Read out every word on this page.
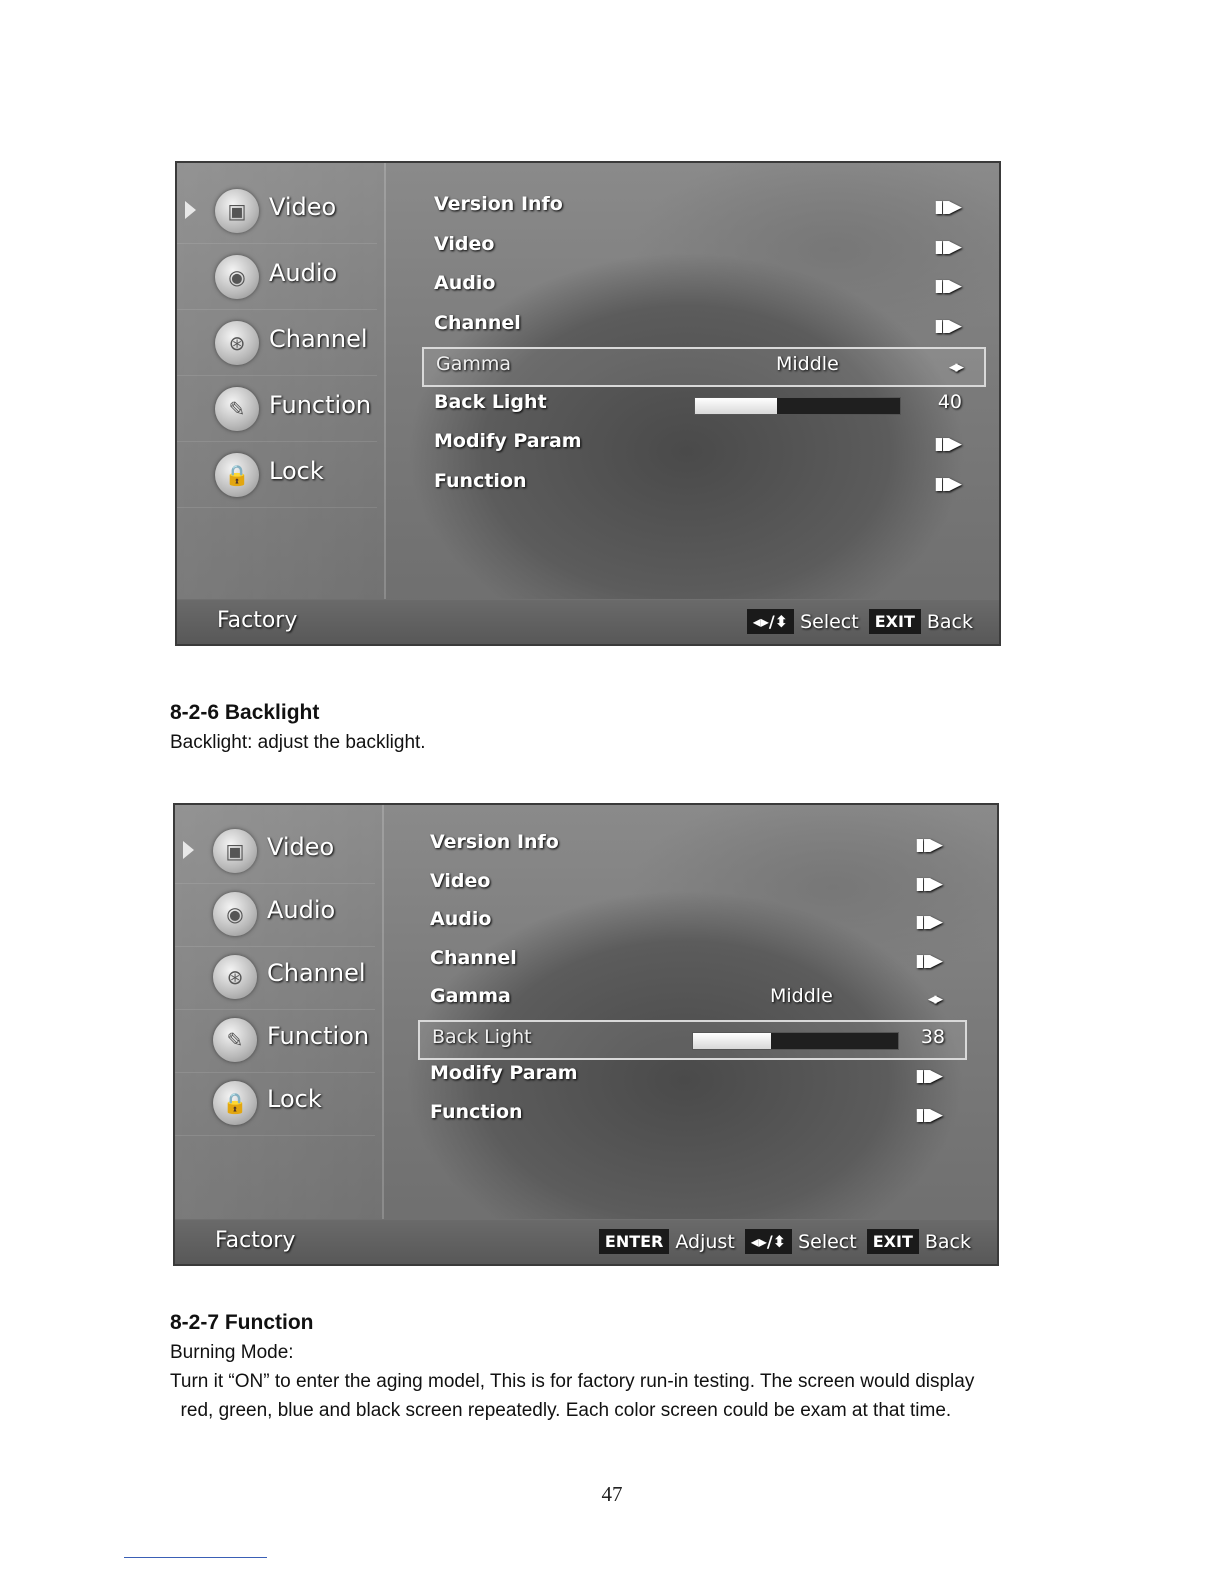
▣ Video
◉ Audio
⊛ Channel
✎ Function
🔒 Lock
Version Info	▮▮▶
Video	▮▮▶
Audio	▮▮▶
Channel	▮▮▶
Gamma	Middle	◂▸
Back Light	40
Modify Param	▮▮▶
Function	▮▮▶
Factory	◂▸/⬍ Select EXIT Back
▣ Video
◉ Audio
⊛ Channel
✎ Function
🔒 Lock
Version Info	▮▮▶
Video	▮▮▶
Audio	▮▮▶
Channel	▮▮▶
Gamma	Middle	◂▸
Back Light	38
Modify Param	▮▮▶
Function	▮▮▶
Factory	ENTER Adjust ◂▸/⬍ Select EXIT Back
8-2-6 Backlight

Backlight: adjust the backlight.

8-2-7 Function

Burning Mode:

Turn it “ON” to enter the aging model, This is for factory run-in testing. The screen would display

red, green, blue and black screen repeatedly. Each color screen could be exam at that time.

47
